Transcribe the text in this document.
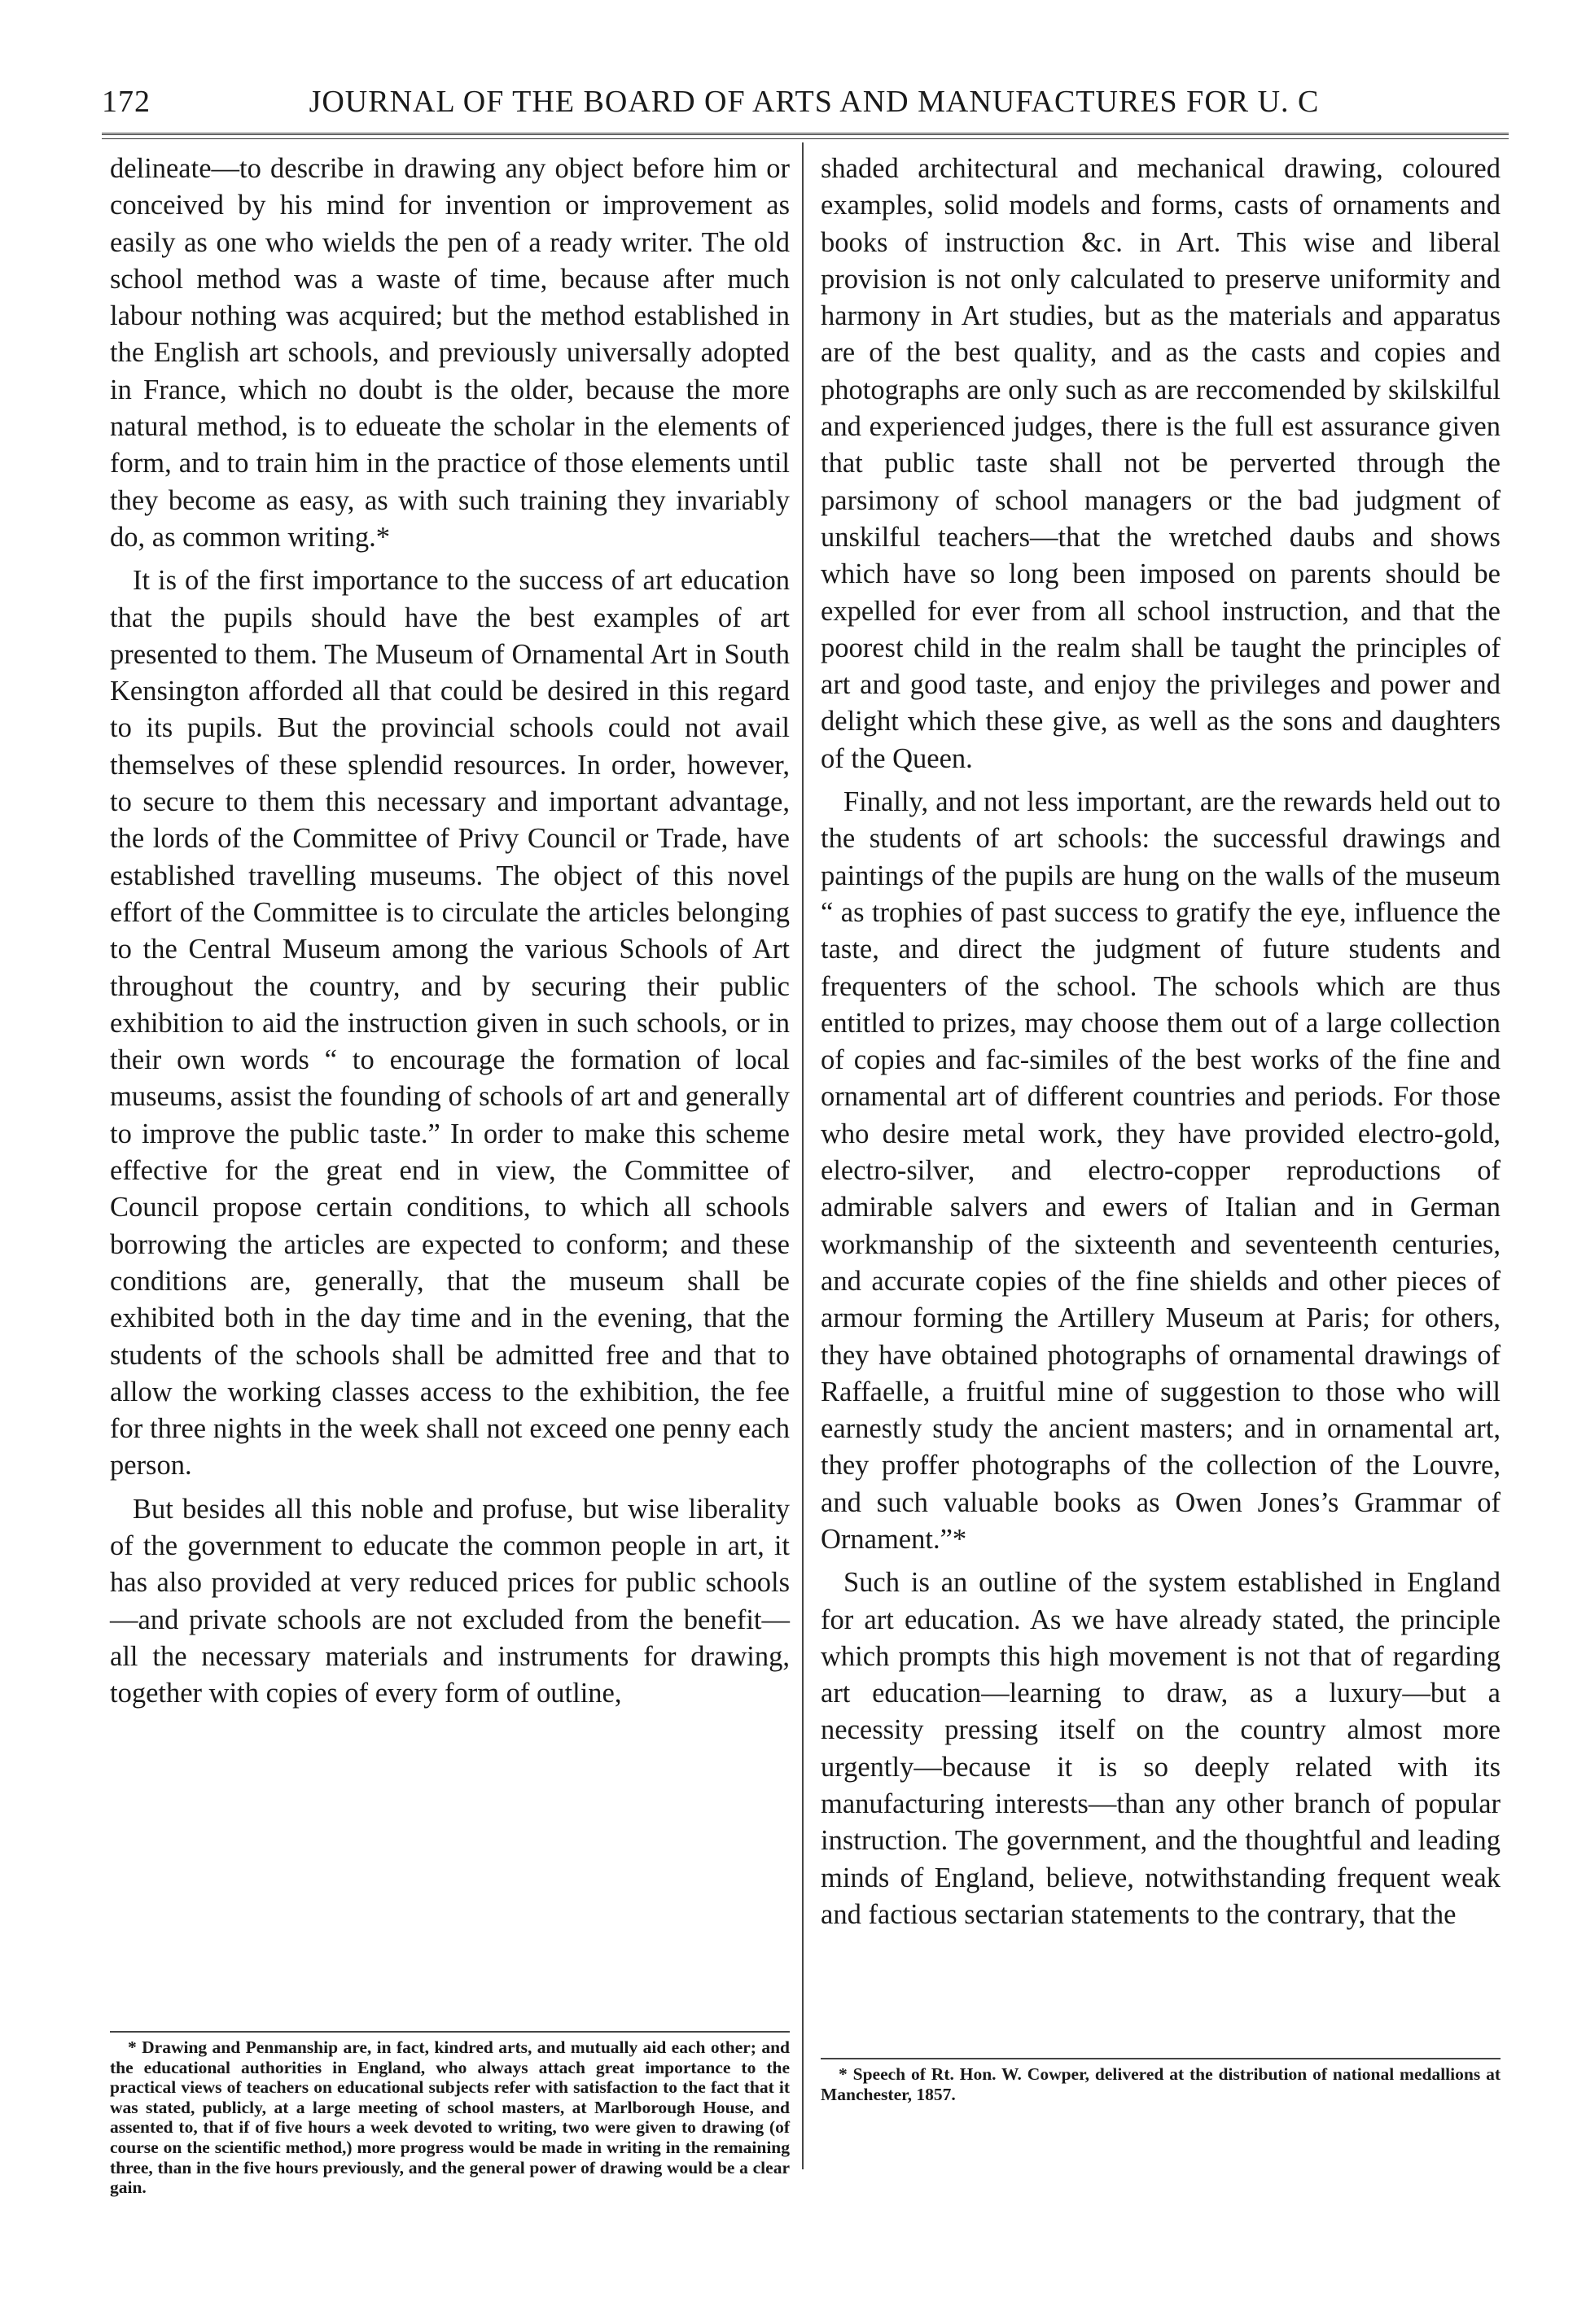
172	JOURNAL OF THE BOARD OF ARTS AND MANUFACTURES FOR U. C

delineate—to describe in drawing any object before him or conceived by his mind for invention or improvement as easily as one who wields the pen of a ready writer. The old school method was a waste of time, because after much labour nothing was acquired; but the method established in the English art schools, and previously universally adopted in France, which no doubt is the older, because the more natural method, is to edueate the scholar in the elements of form, and to train him in the practice of those elements until they become as easy, as with such training they invariably do, as common writing.*

It is of the first importance to the success of art education that the pupils should have the best examples of art presented to them. The Museum of Ornamental Art in South Kensington afforded all that could be desired in this regard to its pupils. But the provincial schools could not avail themselves of these splendid resources. In order, however, to secure to them this necessary and important advantage, the lords of the Committee of Privy Council or Trade, have established travelling museums. The object of this novel effort of the Committee is to circulate the articles belonging to the Central Museum among the various Schools of Art throughout the country, and by securing their public exhibition to aid the instruction given in such schools, or in their own words “ to encourage the formation of local museums, assist the founding of schools of art and generally to improve the public taste.” In order to make this scheme effective for the great end in view, the Committee of Council propose certain conditions, to which all schools borrowing the articles are expected to conform; and these conditions are, generally, that the museum shall be exhibited both in the day time and in the evening, that the students of the schools shall be admitted free and that to allow the working classes access to the exhibition, the fee for three nights in the week shall not exceed one penny each person.

But besides all this noble and profuse, but wise liberality of the government to educate the common people in art, it has also provided at very reduced prices for public schools—and private schools are not excluded from the benefit—all the necessary materials and instruments for drawing, together with copies of every form of outline,

shaded architectural and mechanical drawing, coloured examples, solid models and forms, casts of ornaments and books of instruction &c. in Art. This wise and liberal provision is not only calculated to preserve uniformity and harmony in Art studies, but as the materials and apparatus are of the best quality, and as the casts and copies and photographs are only such as are reccomended by skilskilful and experienced judges, there is the full est assurance given that public taste shall not be perverted through the parsimony of school managers or the bad judgment of unskilful teachers—that the wretched daubs and shows which have so long been imposed on parents should be expelled for ever from all school instruction, and that the poorest child in the realm shall be taught the principles of art and good taste, and enjoy the privileges and power and delight which these give, as well as the sons and daughters of the Queen.

Finally, and not less important, are the rewards held out to the students of art schools: the successful drawings and paintings of the pupils are hung on the walls of the museum “ as trophies of past success to gratify the eye, influence the taste, and direct the judgment of future students and frequenters of the school. The schools which are thus entitled to prizes, may choose them out of a large collection of copies and fac-similes of the best works of the fine and ornamental art of different countries and periods. For those who desire metal work, they have provided electro-gold, electro-silver, and electro-copper reproductions of admirable salvers and ewers of Italian and in German workmanship of the sixteenth and seventeenth centuries, and accurate copies of the fine shields and other pieces of armour forming the Artillery Museum at Paris; for others, they have obtained photographs of ornamental drawings of Raffaelle, a fruitful mine of suggestion to those who will earnestly study the ancient masters; and in ornamental art, they proffer photographs of the collection of the Louvre, and such valuable books as Owen Jones’s Grammar of Ornament.”*

Such is an outline of the system established in England for art education. As we have already stated, the principle which prompts this high movement is not that of regarding art education—learning to draw, as a luxury—but a necessity pressing itself on the country almost more urgently—because it is so deeply related with its manufacturing interests—than any other branch of popular instruction. The government, and the thoughtful and leading minds of England, believe, notwithstanding frequent weak and factious sectarian statements to the contrary, that the

* Drawing and Penmanship are, in fact, kindred arts, and mutually aid each other; and the educational authorities in England, who always attach great importance to the practical views of teachers on educational subjects refer with satisfaction to the fact that it was stated, publicly, at a large meeting of school masters, at Marlborough House, and assented to, that if of five hours a week devoted to writing, two were given to drawing (of course on the scientific method,) more progress would be made in writing in the remaining three, than in the five hours previously, and the general power of drawing would be a clear gain.

* Speech of Rt. Hon. W. Cowper, delivered at the distribution of national medallions at Manchester, 1857.
